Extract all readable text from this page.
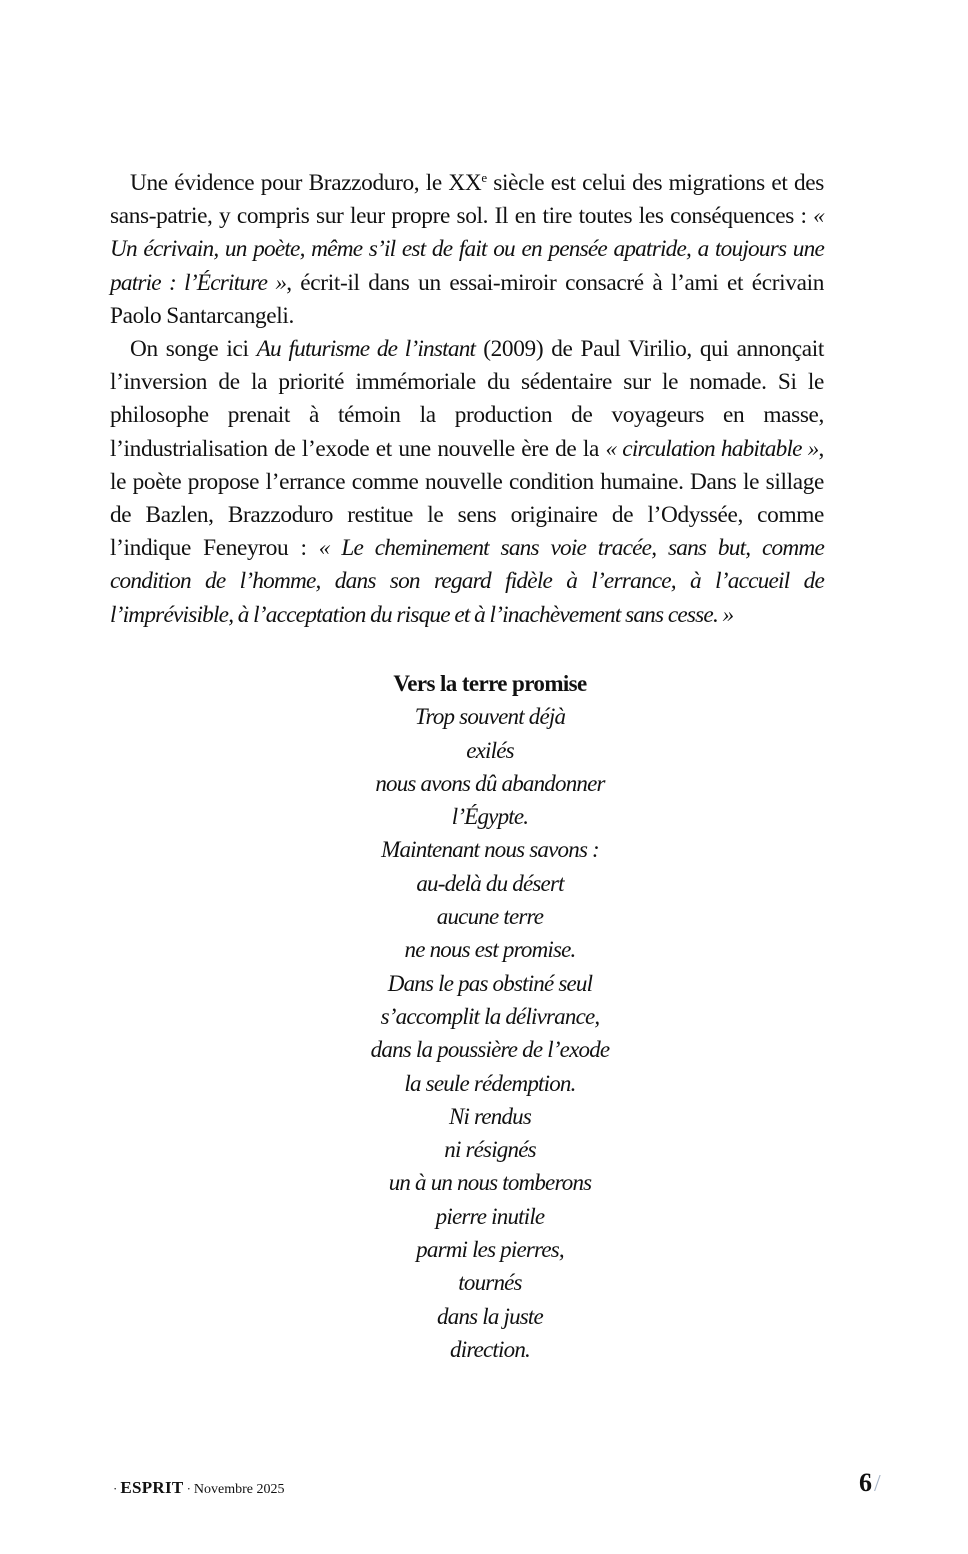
Une évidence pour Brazzoduro, le XXe siècle est celui des migrations et des sans-patrie, y compris sur leur propre sol. Il en tire toutes les conséquences : « Un écrivain, un poète, même s’il est de fait ou en pensée apatride, a toujours une patrie : l’Écriture », écrit-il dans un essai-miroir consacré à l’ami et écrivain Paolo Santarcangeli.

On songe ici Au futurisme de l’instant (2009) de Paul Virilio, qui annonçait l’inversion de la priorité immémoriale du sédentaire sur le nomade. Si le philosophe prenait à témoin la production de voyageurs en masse, l’industrialisation de l’exode et une nouvelle ère de la « circulation habitable », le poète propose l’errance comme nouvelle condition humaine. Dans le sillage de Bazlen, Brazzoduro restitue le sens originaire de l’Odyssée, comme l’indique Feneyrou : « Le cheminement sans voie tracée, sans but, comme condition de l’homme, dans son regard fidèle à l’errance, à l’accueil de l’imprévisible, à l’acceptation du risque et à l’inachèvement sans cesse. »

Vers la terre promise
Trop souvent déjà
exilés
nous avons dû abandonner
l’Égypte.
Maintenant nous savons :
au-delà du désert
aucune terre
ne nous est promise.
Dans le pas obstiné seul
s’accomplit la délivrance,
dans la poussière de l’exode
la seule rédemption.
Ni rendus
ni résignés
un à un nous tomberons
pierre inutile
parmi les pierres,
tournés
dans la juste
direction.
· ESPRIT · Novembre 2025	6/
